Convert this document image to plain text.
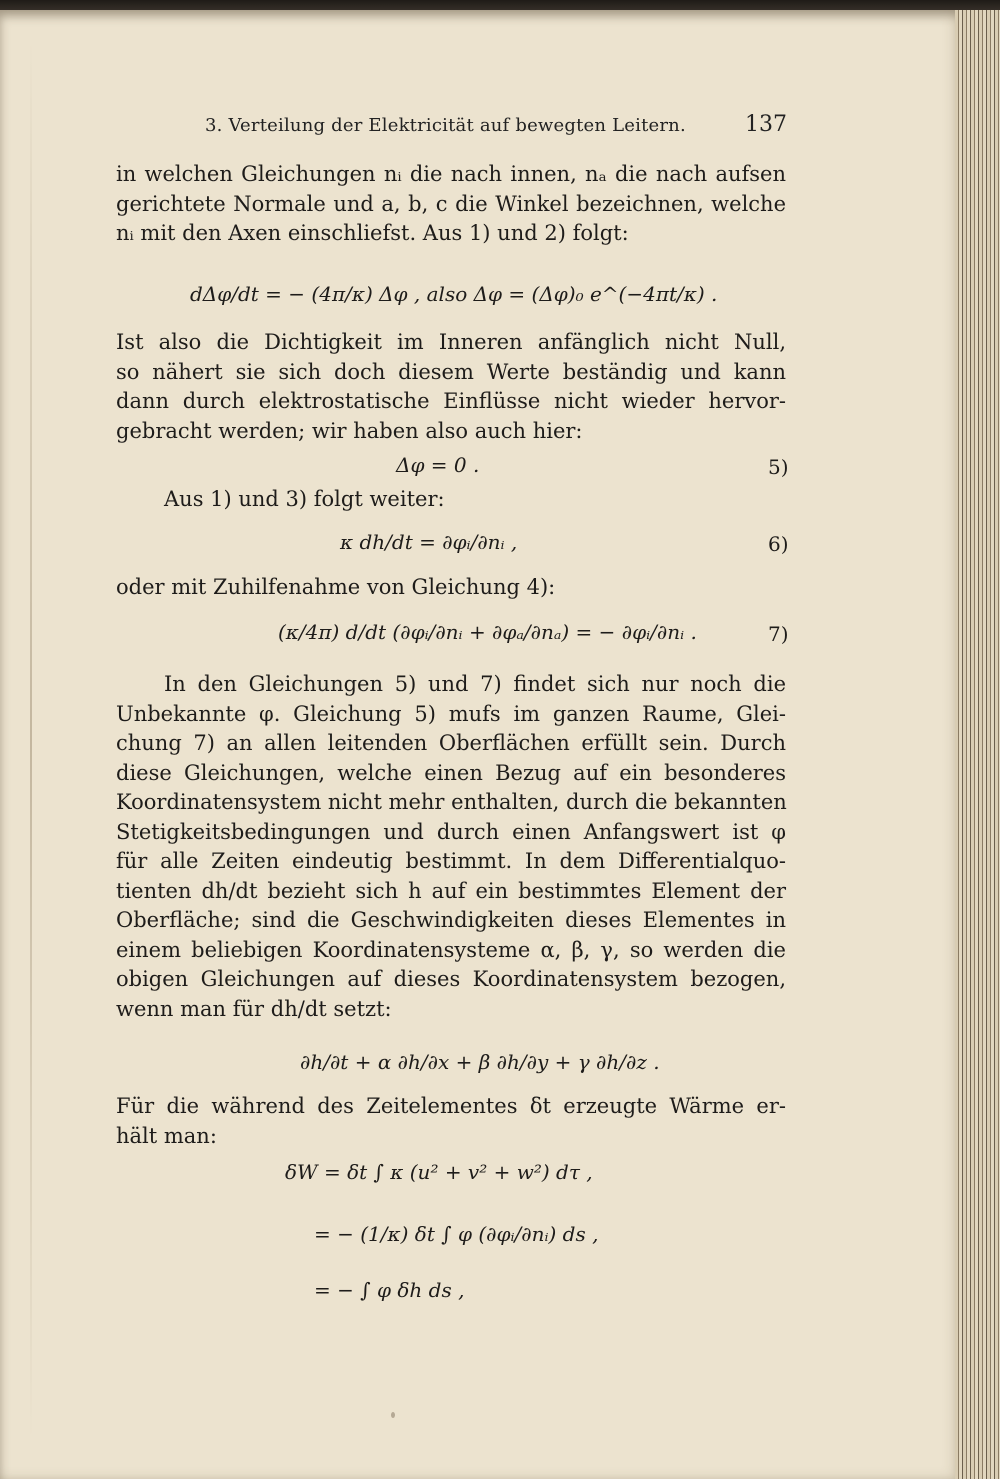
3. Verteilung der Elektricität auf bewegten Leitern.	137
in welchen Gleichungen nᵢ die nach innen, nₐ die nach aufsen
gerichtete Normale und a, b, c die Winkel bezeichnen, welche
nᵢ mit den Axen einschliefst. Aus 1) und 2) folgt:
dΔφ/dt = − (4π/κ) Δφ , also Δφ = (Δφ)₀ e^(−4πt/κ) .
Ist also die Dichtigkeit im Inneren anfänglich nicht Null,
so nähert sie sich doch diesem Werte beständig und kann
dann durch elektrostatische Einflüsse nicht wieder hervor-
gebracht werden; wir haben also auch hier:
Δφ = 0 .	5)
Aus 1) und 3) folgt weiter:
κ dh/dt = ∂φᵢ/∂nᵢ ,	6)
oder mit Zuhilfenahme von Gleichung 4):
(κ/4π) d/dt (∂φᵢ/∂nᵢ + ∂φₐ/∂nₐ) = − ∂φᵢ/∂nᵢ .	7)
In den Gleichungen 5) und 7) findet sich nur noch die
Unbekannte φ. Gleichung 5) mufs im ganzen Raume, Glei-
chung 7) an allen leitenden Oberflächen erfüllt sein. Durch
diese Gleichungen, welche einen Bezug auf ein besonderes
Koordinatensystem nicht mehr enthalten, durch die bekannten
Stetigkeitsbedingungen und durch einen Anfangswert ist φ
für alle Zeiten eindeutig bestimmt. In dem Differentialquo-
tienten dh/dt bezieht sich h auf ein bestimmtes Element der
Oberfläche; sind die Geschwindigkeiten dieses Elementes in
einem beliebigen Koordinatensysteme α, β, γ, so werden die
obigen Gleichungen auf dieses Koordinatensystem bezogen,
wenn man für dh/dt setzt:
∂h/∂t + α ∂h/∂x + β ∂h/∂y + γ ∂h/∂z .
Für die während des Zeitelementes δt erzeugte Wärme er-
hält man:
δW = δt ∫ κ (u² + v² + w²) dτ ,
= − (1/κ) δt ∫ φ (∂φᵢ/∂nᵢ) ds ,
= − ∫ φ δh ds ,
